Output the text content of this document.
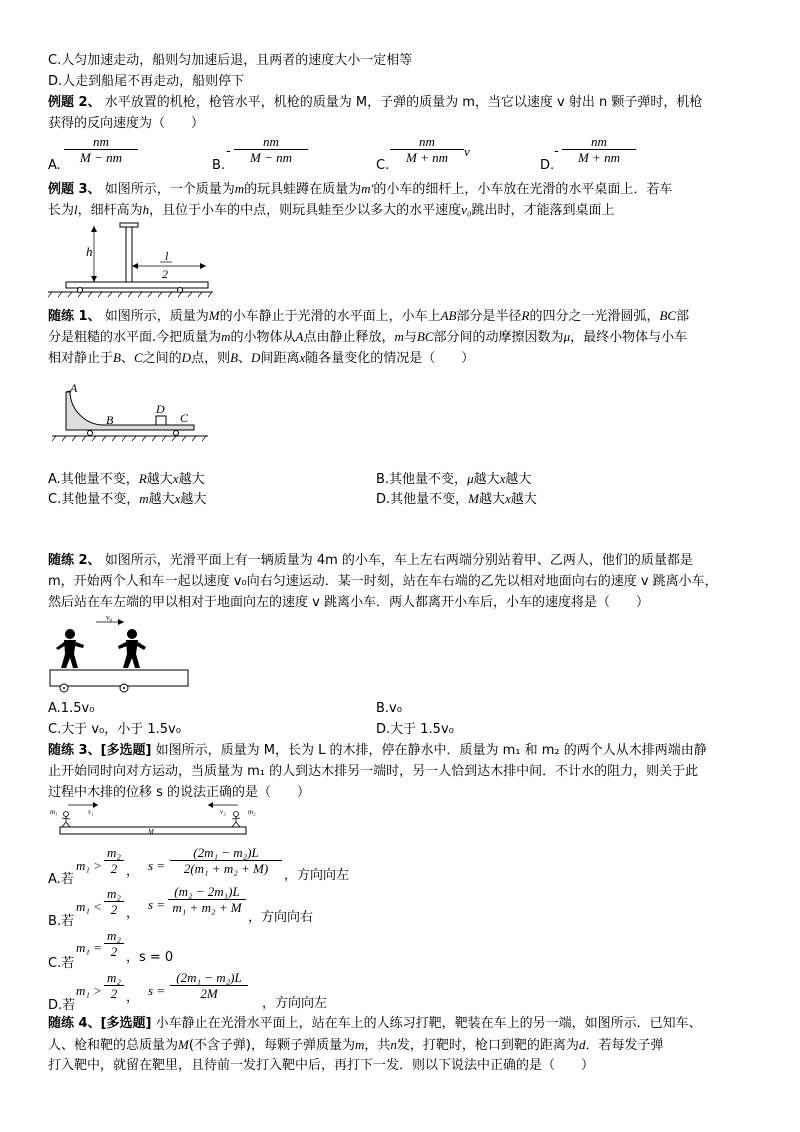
C.人匀加速走动，船则匀加速后退，且两者的速度大小一定相等
D.人走到船尾不再走动，船则停下
例题 2、 水平放置的机枪，枪管水平，机枪的质量为 M，子弹的质量为 m，当它以速度 v 射出 n 颗子弹时，机枪
获得的反向速度为（　　）
A.
nm
M − nm
B.
-
nm
M − nm
C.
nm
M + nm	v
D.
-
nm
M + nm
例题 3、 如图所示，一个质量为m的玩具蛙蹲在质量为m′的小车的细杆上，小车放在光滑的水平桌面上．若车
长为l，细杆高为h，且位于小车的中点，则玩具蛙至少以多大的水平速度v₀跳出时，才能落到桌面上
h	l
2
随练 1、 如图所示，质量为M的小车静止于光滑的水平面上，小车上AB部分是半径R的四分之一光滑圆弧，BC部
分是粗糙的水平面.今把质量为m的小物体从A点由静止释放，m与BC部分间的动摩擦因数为μ，最终小物体与小车
相对静止于B、C之间的D点，则B、D间距离x随各量变化的情况是（　　）
A
B
D
C
A.其他量不变，R越大x越大	B.其他量不变，μ越大x越大
C.其他量不变，m越大x越大	D.其他量不变，M越大x越大
随练 2、 如图所示，光滑平面上有一辆质量为 4m 的小车，车上左右两端分别站着甲、乙两人，他们的质量都是
m，开始两个人和车一起以速度 v₀向右匀速运动．某一时刻，站在车右端的乙先以相对地面向右的速度 v 跳离小车，
然后站在车左端的甲以相对于地面向左的速度 v 跳离小车．两人都离开小车后，小车的速度将是（　　）
v₀
A.1.5v₀	B.v₀
C.大于 v₀，小于 1.5v₀	D.大于 1.5v₀
随练 3、[多选题] 如图所示，质量为 M，长为 L 的木排，停在静水中．质量为 m₁ 和 m₂ 的两个人从木排两端由静
止开始同时向对方运动，当质量为 m₁ 的人到达木排另一端时，另一人恰到达木排中间．不计水的阻力，则关于此
过程中木排的位移 s 的说法正确的是（　　）
m₁	v₁	m₂
v₂
M
A.若
m₁ >
m₂
2 ， s =
(2m₁ − m₂)L
2(m₁ + m₂ + M)	，方向向左
B.若
m₁ <
m₂
2 ，
s =
(m₂ − 2m₁)L
m₁ + m₂ + M
，方向向右
C.若
m₁ =
m₂
2 ，s = 0
D.若
m₁ >
m₂
2 ， s =
(2m₁ − m₂)L
2M
，方向向左
随练 4、[多选题] 小车静止在光滑水平面上，站在车上的人练习打靶，靶装在车上的另一端，如图所示．已知车、
人、枪和靶的总质量为M(不含子弹)，每颗子弹质量为m，共n发，打靶时，枪口到靶的距离为d．若每发子弹
打入靶中，就留在靶里，且待前一发打入靶中后，再打下一发．则以下说法中正确的是（　　）
